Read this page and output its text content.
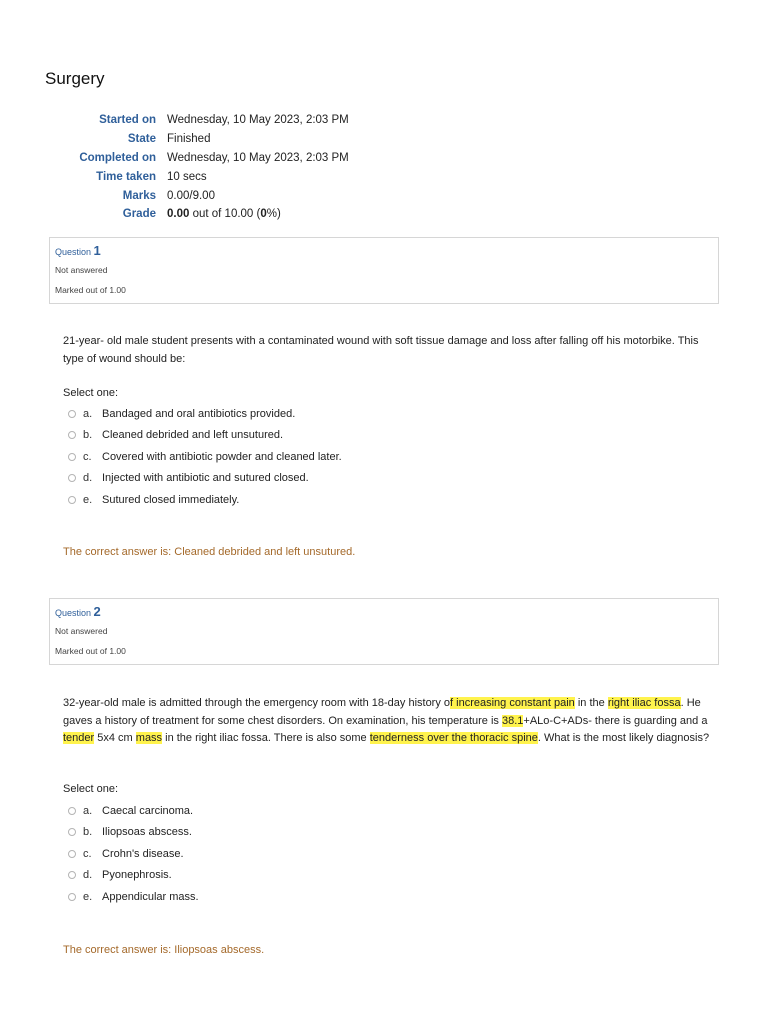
Surgery
Started on	Wednesday, 10 May 2023, 2:03 PM
State	Finished
Completed on	Wednesday, 10 May 2023, 2:03 PM
Time taken	10 secs
Marks	0.00/9.00
Grade	0.00 out of 10.00 (0%)
Question 1
Not answered
Marked out of 1.00
21-year- old male student presents with a contaminated wound with soft tissue damage and loss after falling off his motorbike. This type of wound should be:
Select one:
a. Bandaged and oral antibiotics provided.
b. Cleaned debrided and left unsutured.
c. Covered with antibiotic powder and cleaned later.
d. Injected with antibiotic and sutured closed.
e. Sutured closed immediately.
The correct answer is: Cleaned debrided and left unsutured.
Question 2
Not answered
Marked out of 1.00
32-year-old male is admitted through the emergency room with 18-day history of increasing constant pain in the right iliac fossa. He gaves a history of treatment for some chest disorders. On examination, his temperature is 38.1+ALo-C+ADs- there is guarding and a tender 5x4 cm mass in the right iliac fossa. There is also some tenderness over the thoracic spine. What is the most likely diagnosis?
Select one:
a. Caecal carcinoma.
b. Iliopsoas abscess.
c. Crohn's disease.
d. Pyonephrosis.
e. Appendicular mass.
The correct answer is: Iliopsoas abscess.
